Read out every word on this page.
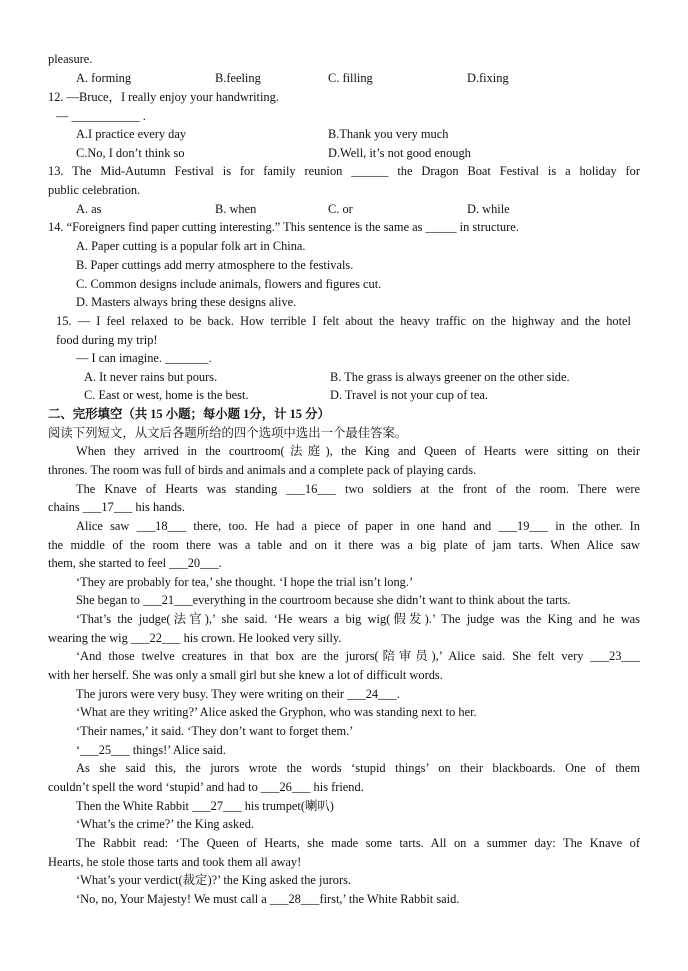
pleasure.
A. forming	B.feeling	C. filling	D.fixing
12. —Bruce，I really enjoy your handwriting.
— ___________ .
A.I practice every day	B.Thank you very much
C.No, I don’t think so	D.Well, it’s not good enough
13. The Mid-Autumn Festival is for family reunion ______ the Dragon Boat Festival is a holiday for
public celebration.
A. as	B. when	C. or	D. while
14. “Foreigners find paper cutting interesting.” This sentence is the same as _____ in structure.
A. Paper cutting is a popular folk art in China.
B. Paper cuttings add merry atmosphere to the festivals.
C. Common designs include animals, flowers and figures cut.
D. Masters always bring these designs alive.
15. — I feel relaxed to be back. How terrible I felt about the heavy traffic on the highway and the hotel
food during my trip!
— I can imagine. _______.
A. It never rains but pours.	B. The grass is always greener on the other side.
C. East or west, home is the best.	D. Travel is not your cup of tea.
二、完形填空（共 15 小题；每小题 1分，计 15 分）
阅读下列短文，从文后各题所给的四个选项中选出一个最佳答案。
When they arrived in the courtroom(法庭), the King and Queen of Hearts were sitting on their
thrones. The room was full of birds and animals and a complete pack of playing cards.
The Knave of Hearts was standing ___16___ two soldiers at the front of the room. There were
chains ___17___ his hands.
Alice saw ___18___ there, too. He had a piece of paper in one hand and ___19___ in the other. In
the middle of the room there was a table and on it there was a big plate of jam tarts. When Alice saw
them, she started to feel ___20___.
‘They are probably for tea,’ she thought. ‘I hope the trial isn’t long.’
She began to ___21___everything in the courtroom because she didn’t want to think about the tarts.
‘That’s the judge(法官),’ she said. ‘He wears a big wig(假发).’ The judge was the King and he was
wearing the wig ___22___ his crown. He looked very silly.
‘And those twelve creatures in that box are the jurors(陪审员),’ Alice said. She felt very ___23___
with her herself. She was only a small girl but she knew a lot of difficult words.
The jurors were very busy. They were writing on their ___24___.
‘What are they writing?’ Alice asked the Gryphon, who was standing next to her.
‘Their names,’ it said. ‘They don’t want to forget them.’
‘___25___ things!’ Alice said.
As she said this, the jurors wrote the words ‘stupid things’ on their blackboards. One of them
couldn’t spell the word ‘stupid’ and had to ___26___ his friend.
Then the White Rabbit ___27___ his trumpet(喇叭)
‘What’s the crime?’ the King asked.
The Rabbit read: ‘The Queen of Hearts, she made some tarts. All on a summer day: The Knave of
Hearts, he stole those tarts and took them all away!
‘What’s your verdict(裁定)?’ the King asked the jurors.
‘No, no, Your Majesty! We must call a ___28___first,’ the White Rabbit said.
